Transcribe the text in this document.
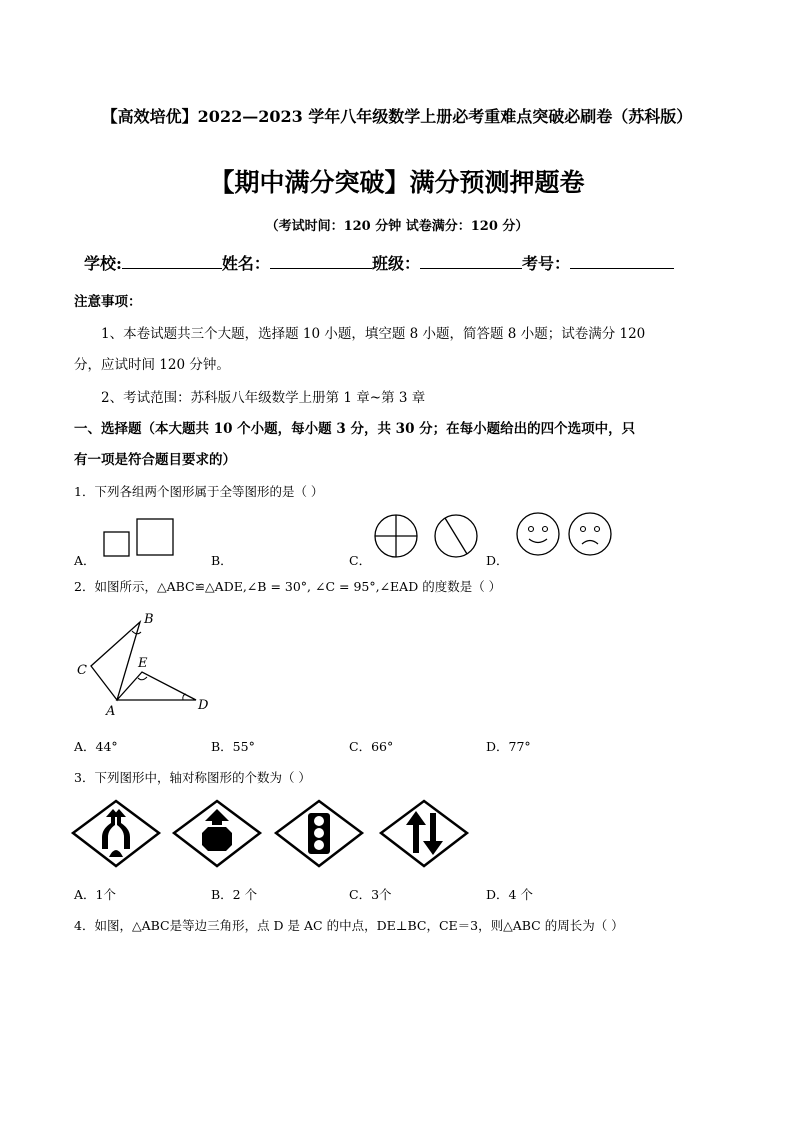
【高效培优】2022—2023 学年八年级数学上册必考重难点突破必刷卷（苏科版）
【期中满分突破】满分预测押题卷
（考试时间：120 分钟 试卷满分：120 分）
学校:	姓名：	班级：	考号：
注意事项：
1、本卷试题共三个大题，选择题 10 小题，填空题 8 小题，简答题 8 小题；试卷满分 120
分，应试时间 120 分钟。
2、考试范围：苏科版八年级数学上册第 1 章~第 3 章
一、选择题（本大题共 10 个小题，每小题 3 分，共 30 分；在每小题给出的四个选项中，只
有一项是符合题目要求的）
1．下列各组两个图形属于全等图形的是（ ）
A．	B．	C．	D．
2．如图所示，△ABC≌△ADE,∠B = 30°, ∠C = 95°,∠EAD 的度数是（ ）
B
C	E
A	D
A．44°	B．55°	C．66°	D．77°
3．下列图形中，轴对称图形的个数为（ ）
A．1个	B．2 个	C．3个	D．4 个
4．如图，△ABC是等边三角形，点 D 是 AC 的中点，DE⊥BC，CE＝3，则△ABC 的周长为（ ）
